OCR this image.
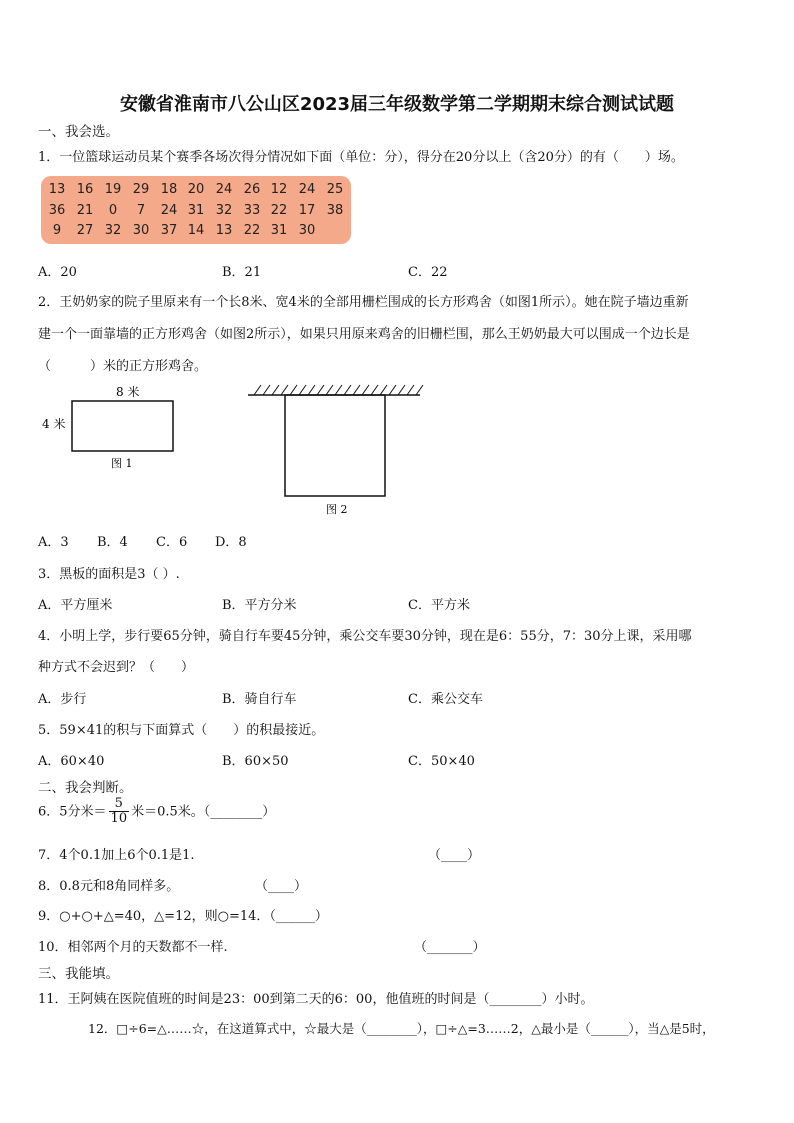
安徽省淮南市八公山区2023届三年级数学第二学期期末综合测试试题
一、我会选。
1．一位篮球运动员某个赛季各场次得分情况如下面（单位：分），得分在20分以上（含20分）的有（　　）场。
13 16 19 29 18 20 24 26 12 24 25
36 21	0	7	24 31 32 33 22 17 38
9	27 32 30 37 14 13 22 31 30
A．20	B．21	C．22
2．王奶奶家的院子里原来有一个长8米、宽4米的全部用栅栏围成的长方形鸡舍（如图1所示）。她在院子墙边重新
建一个一面靠墙的正方形鸡舍（如图2所示），如果只用原来鸡舍的旧栅栏围，那么王奶奶最大可以围成一个边长是
（　　　）米的正方形鸡舍。
8 米
4 米
图 1
图 2
A．3 B．4 C．6 D．8
3．黑板的面积是3（ ）.
A．平方厘米	B．平方分米	C．平方米
4．小明上学，步行要65分钟，骑自行车要45分钟，乘公交车要30分钟，现在是6：55分，7：30分上课，采用哪
种方式不会迟到？（　　）
A．步行	B．骑自行车	C．乘公交车
5．59×41的积与下面算式（　　）的积最接近。
A．60×40	B．60×50	C．50×40
二、我会判断。
6．5分米＝ $\frac{5}{10}$ 米＝0.5米。（________）
7．4个0.1加上6个0.1是1.	（____）
8．0.8元和8角同样多。	（____）
9．○+○+△=40，△=12，则○=14．（______）
10．相邻两个月的天数都不一样.	（_______）
三、我能填。
11．王阿姨在医院值班的时间是23：00到第二天的6：00，他值班的时间是（________）小时。
12．□÷6=△……☆，在这道算式中，☆最大是（________），□÷△=3……2，△最小是（______），当△是5时，
